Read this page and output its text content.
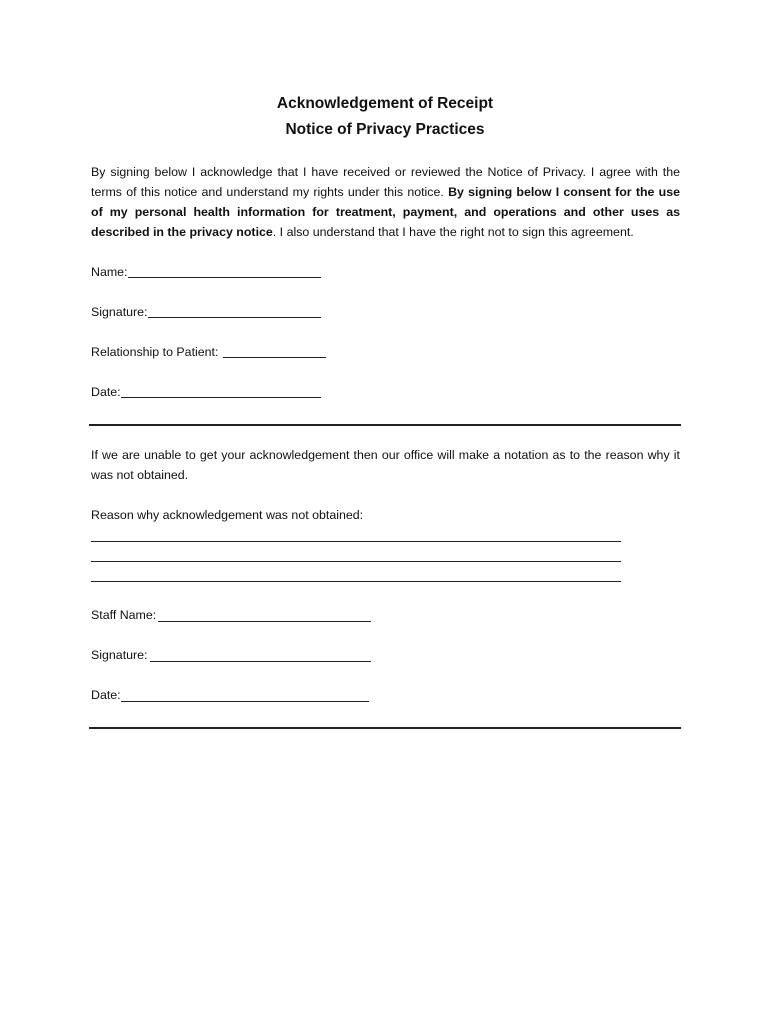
Acknowledgement of Receipt
Notice of Privacy Practices

By signing below I acknowledge that I have received or reviewed the Notice of Privacy. I agree with the terms of this notice and understand my rights under this notice. By signing below I consent for the use of my personal health information for treatment, payment, and operations and other uses as described in the privacy notice. I also understand that I have the right not to sign this agreement.

Name:
Signature:
Relationship to Patient:
Date:

If we are unable to get your acknowledgement then our office will make a notation as to the reason why it was not obtained.

Reason why acknowledgement was not obtained:
Staff Name:
Signature:
Date:
